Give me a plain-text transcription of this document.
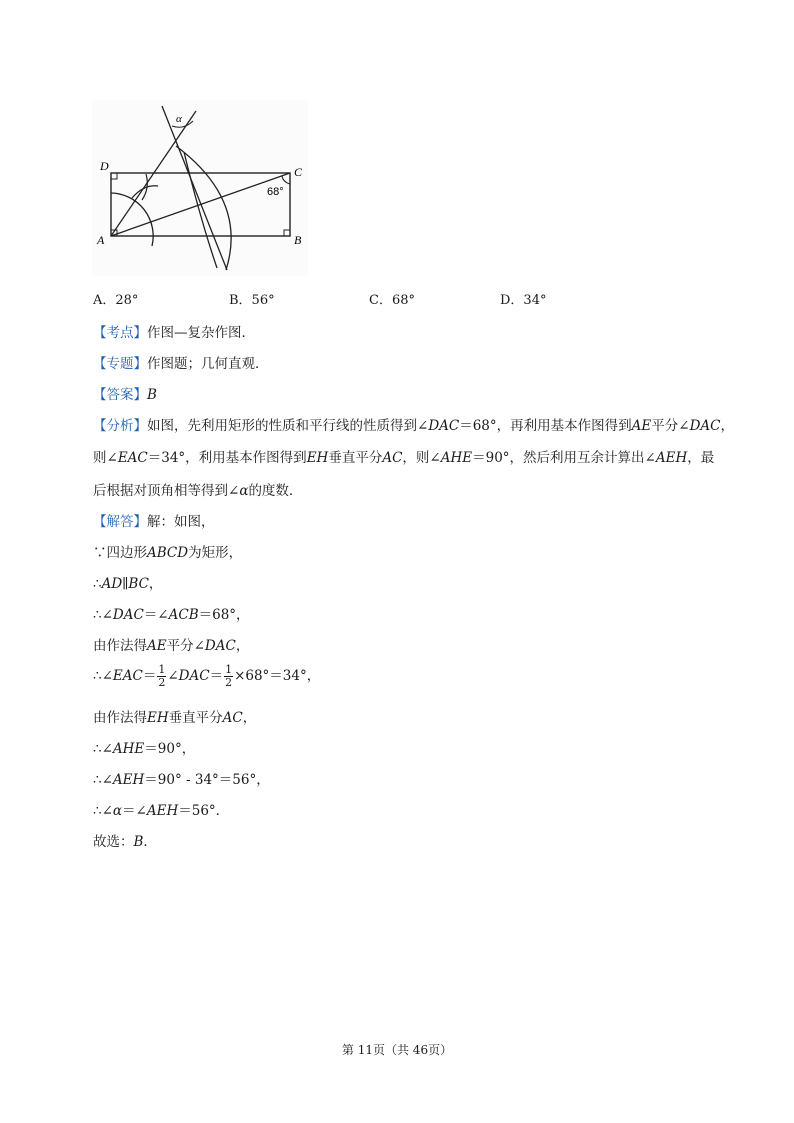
D	C
A	B
α
68°
A．28°	B．56°	C．68°	D．34°
【考点】作图—复杂作图．
【专题】作图题；几何直观．
【答案】B
【分析】如图，先利用矩形的性质和平行线的性质得到∠DAC＝68°，再利用基本作图得到AE平分∠DAC，
则∠EAC＝34°，利用基本作图得到EH垂直平分AC，则∠AHE＝90°，然后利用互余计算出∠AEH，最
后根据对顶角相等得到∠α的度数．
【解答】解：如图，
∵四边形ABCD为矩形，
∴AD∥BC，
∴∠DAC＝∠ACB＝68°，
由作法得AE平分∠DAC，
∴∠EAC＝ $\frac{1}{2}$ ∠DAC＝ $\frac{1}{2} \times 68^\circ=34^\circ$，
由作法得EH垂直平分AC，
∴∠AHE＝90°，
∴∠AEH＝90° - 34°＝56°，
∴∠α＝∠AEH＝56°．
故选：B．
第 11页（共 46页）
